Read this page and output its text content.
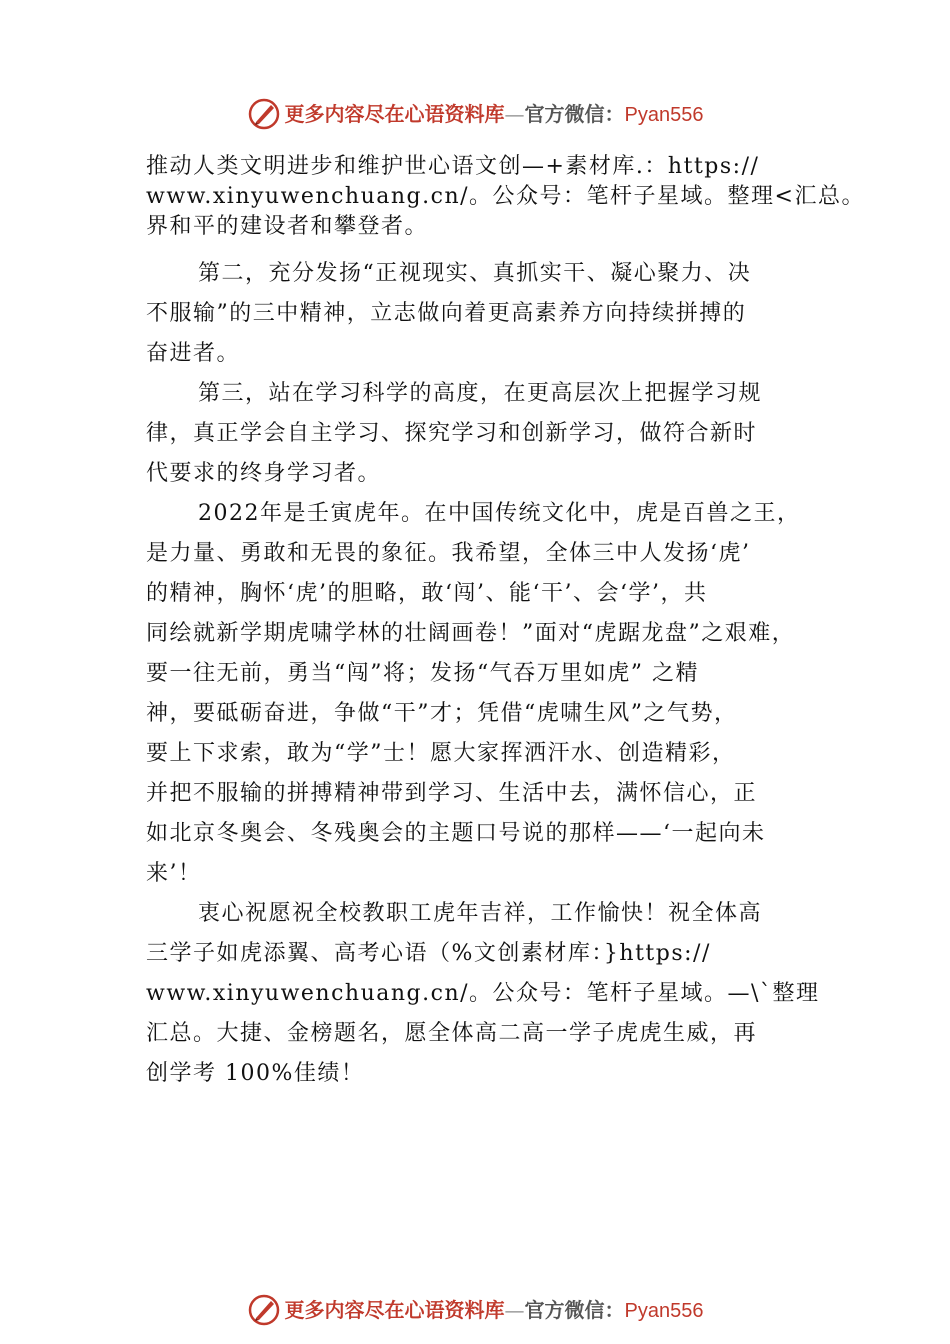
更多内容尽在心语资料库—官方微信：Pyan556
推动人类文明进步和维护世心语文创—+素材库.：https://
www.xinyuwenchuang.cn/。公众号：笔杆子星域。整理<汇总。
界和平的建设者和攀登者。
第二，充分发扬“正视现实、真抓实干、凝心聚力、决
不服输”的三中精神，立志做向着更高素养方向持续拼搏的
奋进者。
第三，站在学习科学的高度，在更高层次上把握学习规
律，真正学会自主学习、探究学习和创新学习，做符合新时
代要求的终身学习者。
2022年是壬寅虎年。在中国传统文化中，虎是百兽之王，
是力量、勇敢和无畏的象征。我希望，全体三中人发扬‘虎’
的精神，胸怀‘虎’的胆略，敢‘闯’、能‘干’、会‘学’，共
同绘就新学期虎啸学林的壮阔画卷！”面对“虎踞龙盘”之艰难，
要一往无前，勇当“闯”将；发扬“气吞万里如虎” 之精
神，要砥砺奋进，争做“干”才；凭借“虎啸生风”之气势，
要上下求索，敢为“学”士！愿大家挥洒汗水、创造精彩，
并把不服输的拼搏精神带到学习、生活中去，满怀信心，正
如北京冬奥会、冬残奥会的主题口号说的那样——‘一起向未
来’！
衷心祝愿祝全校教职工虎年吉祥，工作愉快！祝全体高
三学子如虎添翼、高考心语（%文创素材库：}https://
www.xinyuwenchuang.cn/。公众号：笔杆子星域。—\`整理
汇总。大捷、金榜题名，愿全体高二高一学子虎虎生威，再
创学考 100%佳绩！
更多内容尽在心语资料库—官方微信：Pyan556
